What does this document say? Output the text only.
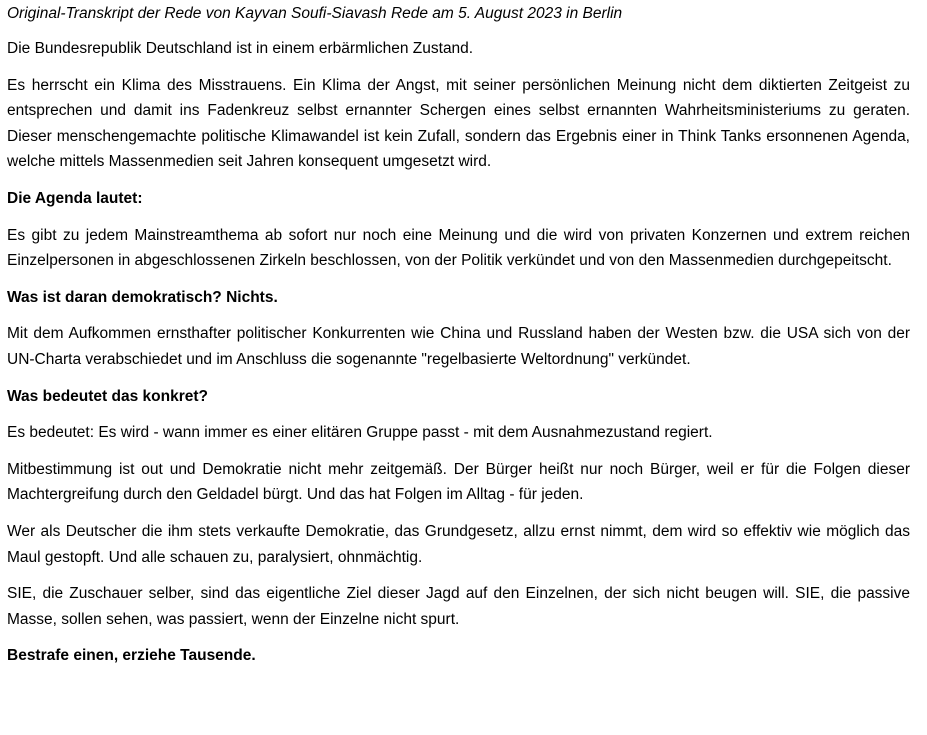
Original-Transkript der Rede von Kayvan Soufi-Siavash Rede am 5. August 2023 in Berlin

Die Bundesrepublik Deutschland ist in einem erbärmlichen Zustand.

Es herrscht ein Klima des Misstrauens. Ein Klima der Angst, mit seiner persönlichen Meinung nicht dem diktierten Zeitgeist zu entsprechen und damit ins Fadenkreuz selbst ernannter Schergen eines selbst ernannten Wahrheitsministeriums zu geraten. Dieser menschengemachte politische Klimawandel ist kein Zufall, sondern das Ergebnis einer in Think Tanks ersonnenen Agenda, welche mittels Massenmedien seit Jahren konsequent umgesetzt wird.

Die Agenda lautet:

Es gibt zu jedem Mainstreamthema ab sofort nur noch eine Meinung und die wird von privaten Konzernen und extrem reichen Einzelpersonen in abgeschlossenen Zirkeln beschlossen, von der Politik verkündet und von den Massenmedien durchgepeitscht.

Was ist daran demokratisch? Nichts.

Mit dem Aufkommen ernsthafter politischer Konkurrenten wie China und Russland haben der Westen bzw. die USA sich von der UN-Charta verabschiedet und im Anschluss die sogenannte "regelbasierte Weltordnung" verkündet.

Was bedeutet das konkret?

Es bedeutet: Es wird - wann immer es einer elitären Gruppe passt - mit dem Ausnahmezustand regiert.

Mitbestimmung ist out und Demokratie nicht mehr zeitgemäß. Der Bürger heißt nur noch Bürger, weil er für die Folgen dieser Machtergreifung durch den Geldadel bürgt. Und das hat Folgen im Alltag - für jeden.

Wer als Deutscher die ihm stets verkaufte Demokratie, das Grundgesetz, allzu ernst nimmt, dem wird so effektiv wie möglich das Maul gestopft. Und alle schauen zu, paralysiert, ohnmächtig.

SIE, die Zuschauer selber, sind das eigentliche Ziel dieser Jagd auf den Einzelnen, der sich nicht beugen will. SIE, die passive Masse, sollen sehen, was passiert, wenn der Einzelne nicht spurt.

Bestrafe einen, erziehe Tausende.
